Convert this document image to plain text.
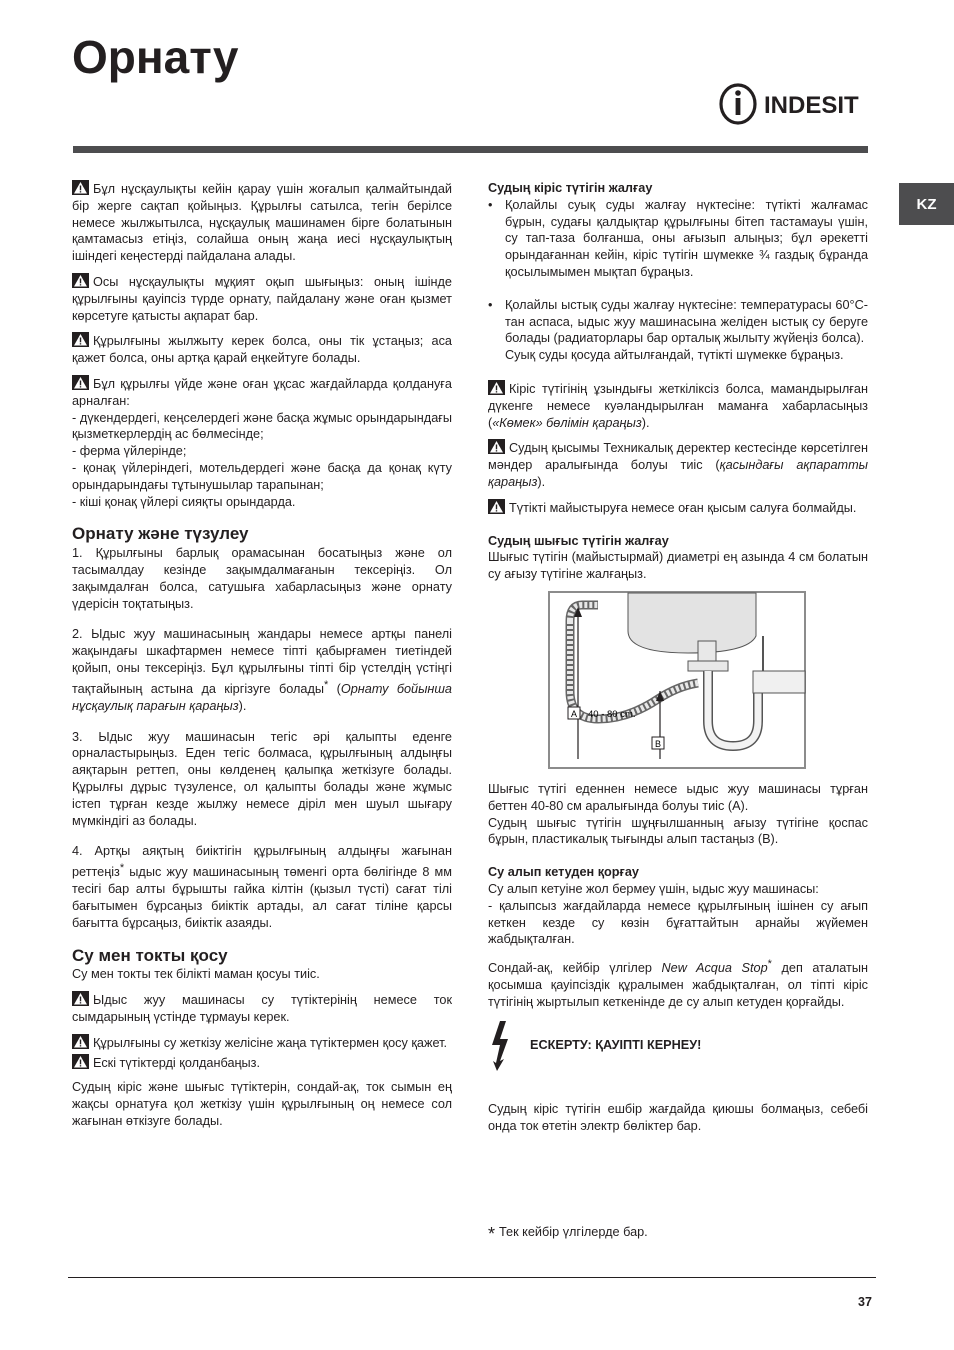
Орнату
INDESIT
KZ

Бұл нұсқаулықты кейін қарау үшін жоғалып қалмайтындай бір жерге сақтап қойыңыз. Құрылғы сатылса, тегін берілсе немесе жылжытылса, нұсқаулық машинамен бірге болатынын қамтамасыз етіңіз, солайша оның жаңа иесі нұсқаулықтың ішіндегі кеңестерді пайдалана алады.

Осы нұсқаулықты мұқият оқып шығыңыз: оның ішінде құрылғыны қауіпсіз түрде орнату, пайдалану және оған қызмет көрсетуге қатысты ақпарат бар.

Құрылғыны жылжыту керек болса, оны тік ұстаңыз; аса қажет болса, оны артқа қарай еңкейтуге болады.

Бұл құрылғы үйде және оған ұқсас жағдайларда қолдануға арналған:
- дүкендердегі, кеңселердегі және басқа жұмыс орындарындағы қызметкерлердің ас бөлмесінде;
- ферма үйлерінде;
- қонақ үйлеріндегі, мотельдердегі және басқа да қонақ күту орындарындағы тұтынушылар тарапынан;
- кіші қонақ үйлері сияқты орындарда.

Орнату және түзулеу

1. Құрылғыны барлық орамасынан босатыңыз және ол тасымалдау кезінде зақымдалмағанын тексеріңіз. Ол зақымдалған болса, сатушыға хабарласыңыз және орнату үдерісін тоқтатыңыз.

2. Ыдыс жуу машинасының жандары немесе артқы панелі жақындағы шкафтармен немесе тіпті қабырғамен тиетіндей қойып, оны тексеріңіз. Бұл құрылғыны тіпті бір үстелдің үстіңгі тақтайының астына да кіргізуге болады* (Орнату бойынша нұсқаулық парағын қараңыз).

3. Ыдыс жуу машинасын тегіс әрі қалыпты еденге орналастырыңыз. Еден тегіс болмаса, құрылғының алдыңғы аяқтарын реттеп, оны көлденең қалыпқа жеткізуге болады. Құрылғы дұрыс түзуленсе, ол қалыпты болады және жұмыс істеп тұрған кезде жылжу немесе діріл мен шуыл шығару мүмкіндігі аз болады.

4. Артқы аяқтың биіктігін құрылғының алдыңғы жағынан реттеңіз* ыдыс жуу машинасының төменгі орта бөлігінде 8 мм тесігі бар алты бұрышты гайка кілтін (қызыл түсті) сағат тілі бағытымен бұрсаңыз биіктік артады, ал сағат тіліне қарсы бағытта бұрсаңыз, биіктік азаяды.

Су мен токты қосу

Су мен токты тек білікті маман қосуы тиіс.

Ыдыс жуу машинасы су түтіктерінің немесе ток сымдарының үстінде тұрмауы керек.

Құрылғыны су жеткізу желісіне жаңа түтіктермен қосу қажет.

Ескі түтіктерді қолданбаңыз.

Судың кіріс және шығыс түтіктерін, сондай-ақ, ток сымын ең жақсы орнатуға қол жеткізу үшін құрылғының оң немесе сол жағынан өткізуге болады.

Судың кіріс түтігін жалғау
• Қолайлы суық суды жалғау нүктесіне: түтікті жалғамас бұрын, судағы қалдықтар құрылғыны бітеп тастамауы үшін, су тап-таза болғанша, оны ағызып алыңыз; бұл әрекетті орындағаннан кейін, кіріс түтігін шүмекке ¾ газдық бұранда қосылымымен мықтап бұраңыз.
• Қолайлы ыстық суды жалғау нүктесіне: температурасы 60°С-тан аспаса, ыдыс жуу машинасына желіден ыстық су беруге болады (радиаторлары бар орталық жылыту жүйеңіз болса).
Суық суды қосуда айтылғандай, түтікті шүмекке бұраңыз.

Кіріс түтігінің ұзындығы жеткіліксіз болса, мамандырылған дүкенге немесе куәландырылған маманға хабарласыңыз («Көмек» бөлімін қараңыз).

Судың қысымы Техникалық деректер кестесінде көрсетілген мәндер аралығында болуы тиіс (қасындағы ақпаратты қараңыз).

Түтікті майыстыруға немесе оған қысым салуға болмайды.

Судың шығыс түтігін жалғау

Шығыс түтігін (майыстырмай) диаметрі ең азында 4 см болатын су ағызу түтігіне жалғаңыз.

A 40 - 80 cm.
B

Шығыс түтігі еденнен немесе ыдыс жуу машинасы тұрған беттен 40-80 см аралығында болуы тиіс (А).
Судың шығыс түтігін шұңғылшанның ағызу түтігіне қоспас бұрын, пластикалық тығынды алып тастаңыз (B).

Су алып кетуден қорғау

Су алып кетуіне жол бермеу үшін, ыдыс жуу машинасы:
- қалыпсыз жағдайларда немесе құрылғының ішінен су ағып кеткен кезде су көзін бұғаттайтын арнайы жүйемен жабдықталған.

Сондай-ақ, кейбір үлгілер New Acqua Stop* деп аталатын қосымша қауіпсіздік құралымен жабдықталған, ол тіпті кіріс түтігінің жыртылып кеткенінде де су алып кетуден қорғайды.

ЕСКЕРТУ: ҚАУІПТІ КЕРНЕУ!

Судың кіріс түтігін ешбір жағдайда қиюшы болмаңыз, себебі онда ток өтетін электр бөліктер бар.

* Тек кейбір үлгілерде бар.
37
